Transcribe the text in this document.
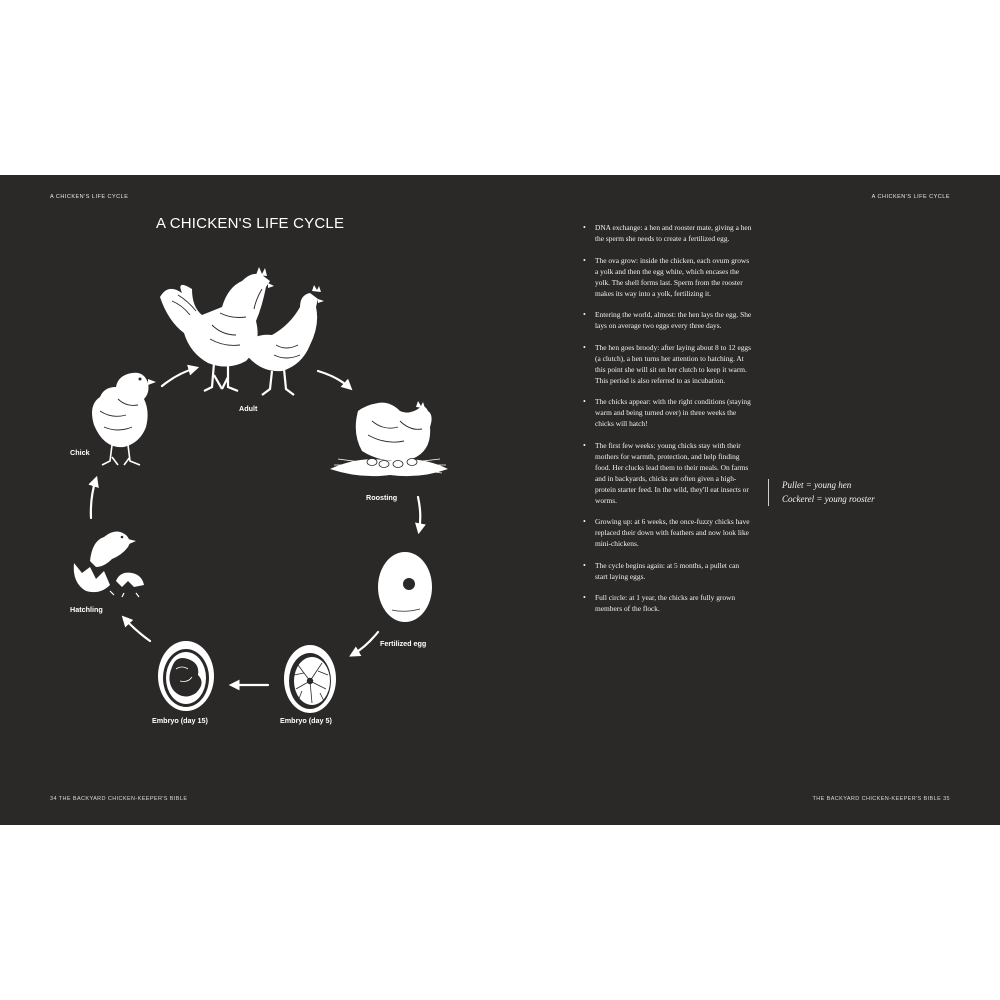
A CHICKEN'S LIFE CYCLE
A CHICKEN'S LIFE CYCLE
Adult
Roosting
Fertilized egg
Embryo (day 5)
Embryo (day 15)
Hatchling
Chick
34 THE BACKYARD CHICKEN-KEEPER'S BIBLE
A CHICKEN'S LIFE CYCLE
• DNA exchange: a hen and rooster mate, giving a hen the sperm she needs to create a fertilized egg.
• The ova grow: inside the chicken, each ovum grows a yolk and then the egg white, which encases the yolk. The shell forms last. Sperm from the rooster makes its way into a yolk, fertilizing it.
• Entering the world, almost: the hen lays the egg. She lays on average two eggs every three days.
• The hen goes broody: after laying about 8 to 12 eggs (a clutch), a hen turns her attention to hatching. At this point she will sit on her clutch to keep it warm. This period is also referred to as incubation.
• The chicks appear: with the right conditions (staying warm and being turned over) in three weeks the chicks will hatch!
• The first few weeks: young chicks stay with their mothers for warmth, protection, and help finding food. Her clucks lead them to their meals. On farms and in backyards, chicks are often given a high-protein starter feed. In the wild, they'll eat insects or worms.
• Growing up: at 6 weeks, the once-fuzzy chicks have replaced their down with feathers and now look like mini-chickens.
• The cycle begins again: at 5 months, a pullet can start laying eggs.
• Full circle: at 1 year, the chicks are fully grown members of the flock.
Pullet = young hen
Cockerel = young rooster
THE BACKYARD CHICKEN-KEEPER'S BIBLE 35
